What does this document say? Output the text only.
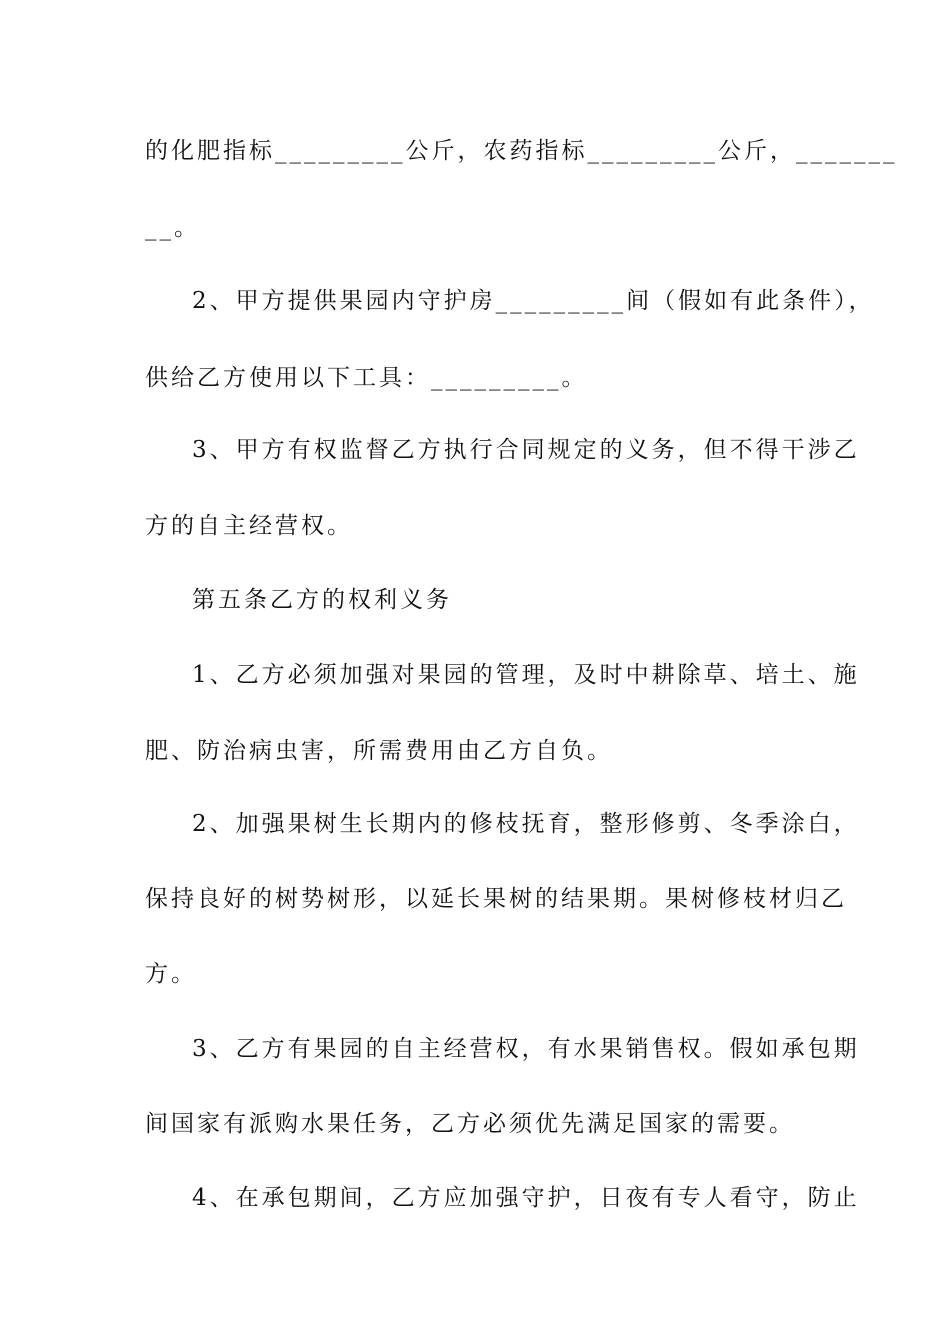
的化肥指标_________公斤，农药指标_________公斤，_______
__。
2、甲方提供果园内守护房_________间（假如有此条件），
供给乙方使用以下工具：_________。
3、甲方有权监督乙方执行合同规定的义务，但不得干涉乙
方的自主经营权。
第五条乙方的权利义务
1、乙方必须加强对果园的管理，及时中耕除草、培土、施
肥、防治病虫害，所需费用由乙方自负。
2、加强果树生长期内的修枝抚育，整形修剪、冬季涂白，
保持良好的树势树形，以延长果树的结果期。果树修枝材归乙
方。
3、乙方有果园的自主经营权，有水果销售权。假如承包期
间国家有派购水果任务，乙方必须优先满足国家的需要。
4、在承包期间，乙方应加强守护，日夜有专人看守，防止
